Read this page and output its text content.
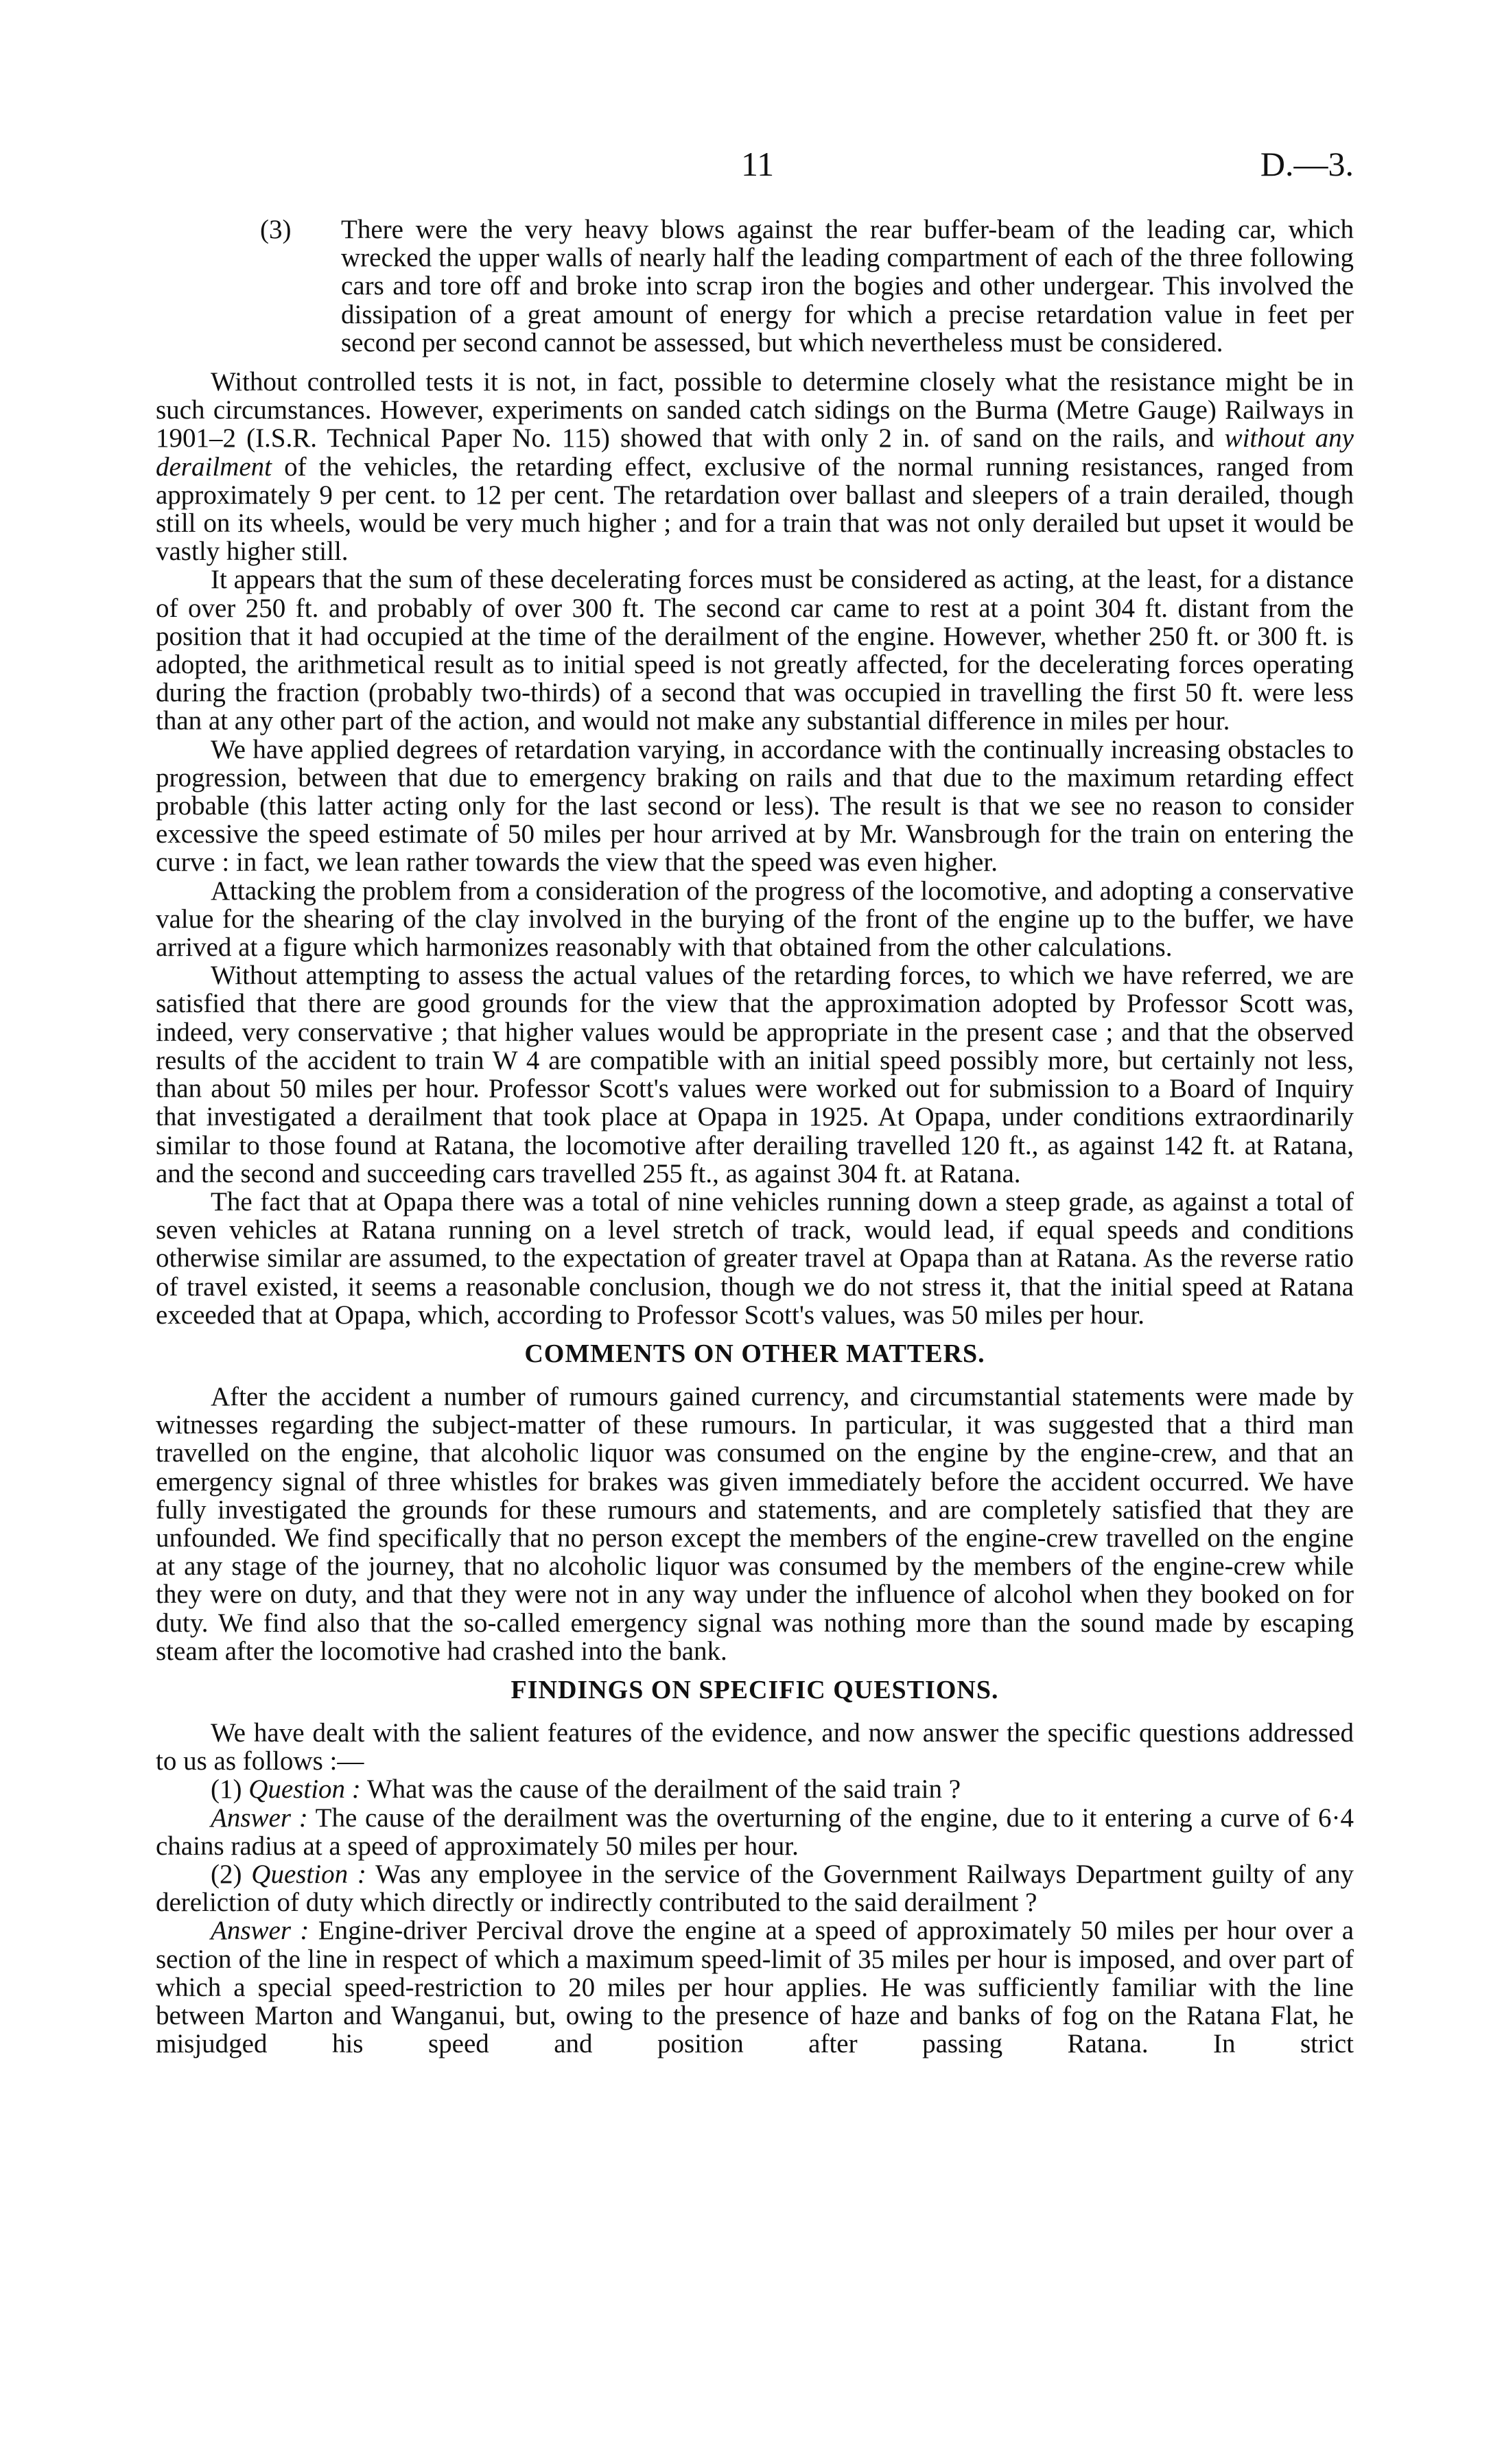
11	D.—3.

(3) There were the very heavy blows against the rear buffer-beam of the leading car, which wrecked the upper walls of nearly half the leading compartment of each of the three following cars and tore off and broke into scrap iron the bogies and other undergear. This involved the dissipation of a great amount of energy for which a precise retardation value in feet per second per second cannot be assessed, but which nevertheless must be considered.

Without controlled tests it is not, in fact, possible to determine closely what the resistance might be in such circumstances. However, experiments on sanded catch sidings on the Burma (Metre Gauge) Railways in 1901–2 (I.S.R. Technical Paper No. 115) showed that with only 2 in. of sand on the rails, and without any derailment of the vehicles, the retarding effect, exclusive of the normal running resistances, ranged from approximately 9 per cent. to 12 per cent. The retardation over ballast and sleepers of a train derailed, though still on its wheels, would be very much higher ; and for a train that was not only derailed but upset it would be vastly higher still.

It appears that the sum of these decelerating forces must be considered as acting, at the least, for a distance of over 250 ft. and probably of over 300 ft. The second car came to rest at a point 304 ft. distant from the position that it had occupied at the time of the derailment of the engine. However, whether 250 ft. or 300 ft. is adopted, the arithmetical result as to initial speed is not greatly affected, for the decelerating forces operating during the fraction (probably two-thirds) of a second that was occupied in travelling the first 50 ft. were less than at any other part of the action, and would not make any substantial difference in miles per hour.

We have applied degrees of retardation varying, in accordance with the continually increasing obstacles to progression, between that due to emergency braking on rails and that due to the maximum retarding effect probable (this latter acting only for the last second or less). The result is that we see no reason to consider excessive the speed estimate of 50 miles per hour arrived at by Mr. Wansbrough for the train on entering the curve : in fact, we lean rather towards the view that the speed was even higher.

Attacking the problem from a consideration of the progress of the locomotive, and adopting a conservative value for the shearing of the clay involved in the burying of the front of the engine up to the buffer, we have arrived at a figure which harmonizes reasonably with that obtained from the other calculations.

Without attempting to assess the actual values of the retarding forces, to which we have referred, we are satisfied that there are good grounds for the view that the approximation adopted by Professor Scott was, indeed, very conservative ; that higher values would be appropriate in the present case ; and that the observed results of the accident to train W 4 are compatible with an initial speed possibly more, but certainly not less, than about 50 miles per hour. Professor Scott's values were worked out for submission to a Board of Inquiry that investigated a derailment that took place at Opapa in 1925. At Opapa, under conditions extraordinarily similar to those found at Ratana, the locomotive after derailing travelled 120 ft., as against 142 ft. at Ratana, and the second and succeeding cars travelled 255 ft., as against 304 ft. at Ratana.

The fact that at Opapa there was a total of nine vehicles running down a steep grade, as against a total of seven vehicles at Ratana running on a level stretch of track, would lead, if equal speeds and conditions otherwise similar are assumed, to the expectation of greater travel at Opapa than at Ratana. As the reverse ratio of travel existed, it seems a reasonable conclusion, though we do not stress it, that the initial speed at Ratana exceeded that at Opapa, which, according to Professor Scott's values, was 50 miles per hour.

COMMENTS ON OTHER MATTERS.

After the accident a number of rumours gained currency, and circumstantial statements were made by witnesses regarding the subject-matter of these rumours. In particular, it was suggested that a third man travelled on the engine, that alcoholic liquor was consumed on the engine by the engine-crew, and that an emergency signal of three whistles for brakes was given immediately before the accident occurred. We have fully investigated the grounds for these rumours and statements, and are completely satisfied that they are unfounded. We find specifically that no person except the members of the engine-crew travelled on the engine at any stage of the journey, that no alcoholic liquor was consumed by the members of the engine-crew while they were on duty, and that they were not in any way under the influence of alcohol when they booked on for duty. We find also that the so-called emergency signal was nothing more than the sound made by escaping steam after the locomotive had crashed into the bank.

FINDINGS ON SPECIFIC QUESTIONS.

We have dealt with the salient features of the evidence, and now answer the specific questions addressed to us as follows :—

(1) Question : What was the cause of the derailment of the said train ?

Answer : The cause of the derailment was the overturning of the engine, due to it entering a curve of 6·4 chains radius at a speed of approximately 50 miles per hour.

(2) Question : Was any employee in the service of the Government Railways Department guilty of any dereliction of duty which directly or indirectly contributed to the said derailment ?

Answer : Engine-driver Percival drove the engine at a speed of approximately 50 miles per hour over a section of the line in respect of which a maximum speed-limit of 35 miles per hour is imposed, and over part of which a special speed-restriction to 20 miles per hour applies. He was sufficiently familiar with the line between Marton and Wanganui, but, owing to the presence of haze and banks of fog on the Ratana Flat, he misjudged his speed and position after passing Ratana. In strict
